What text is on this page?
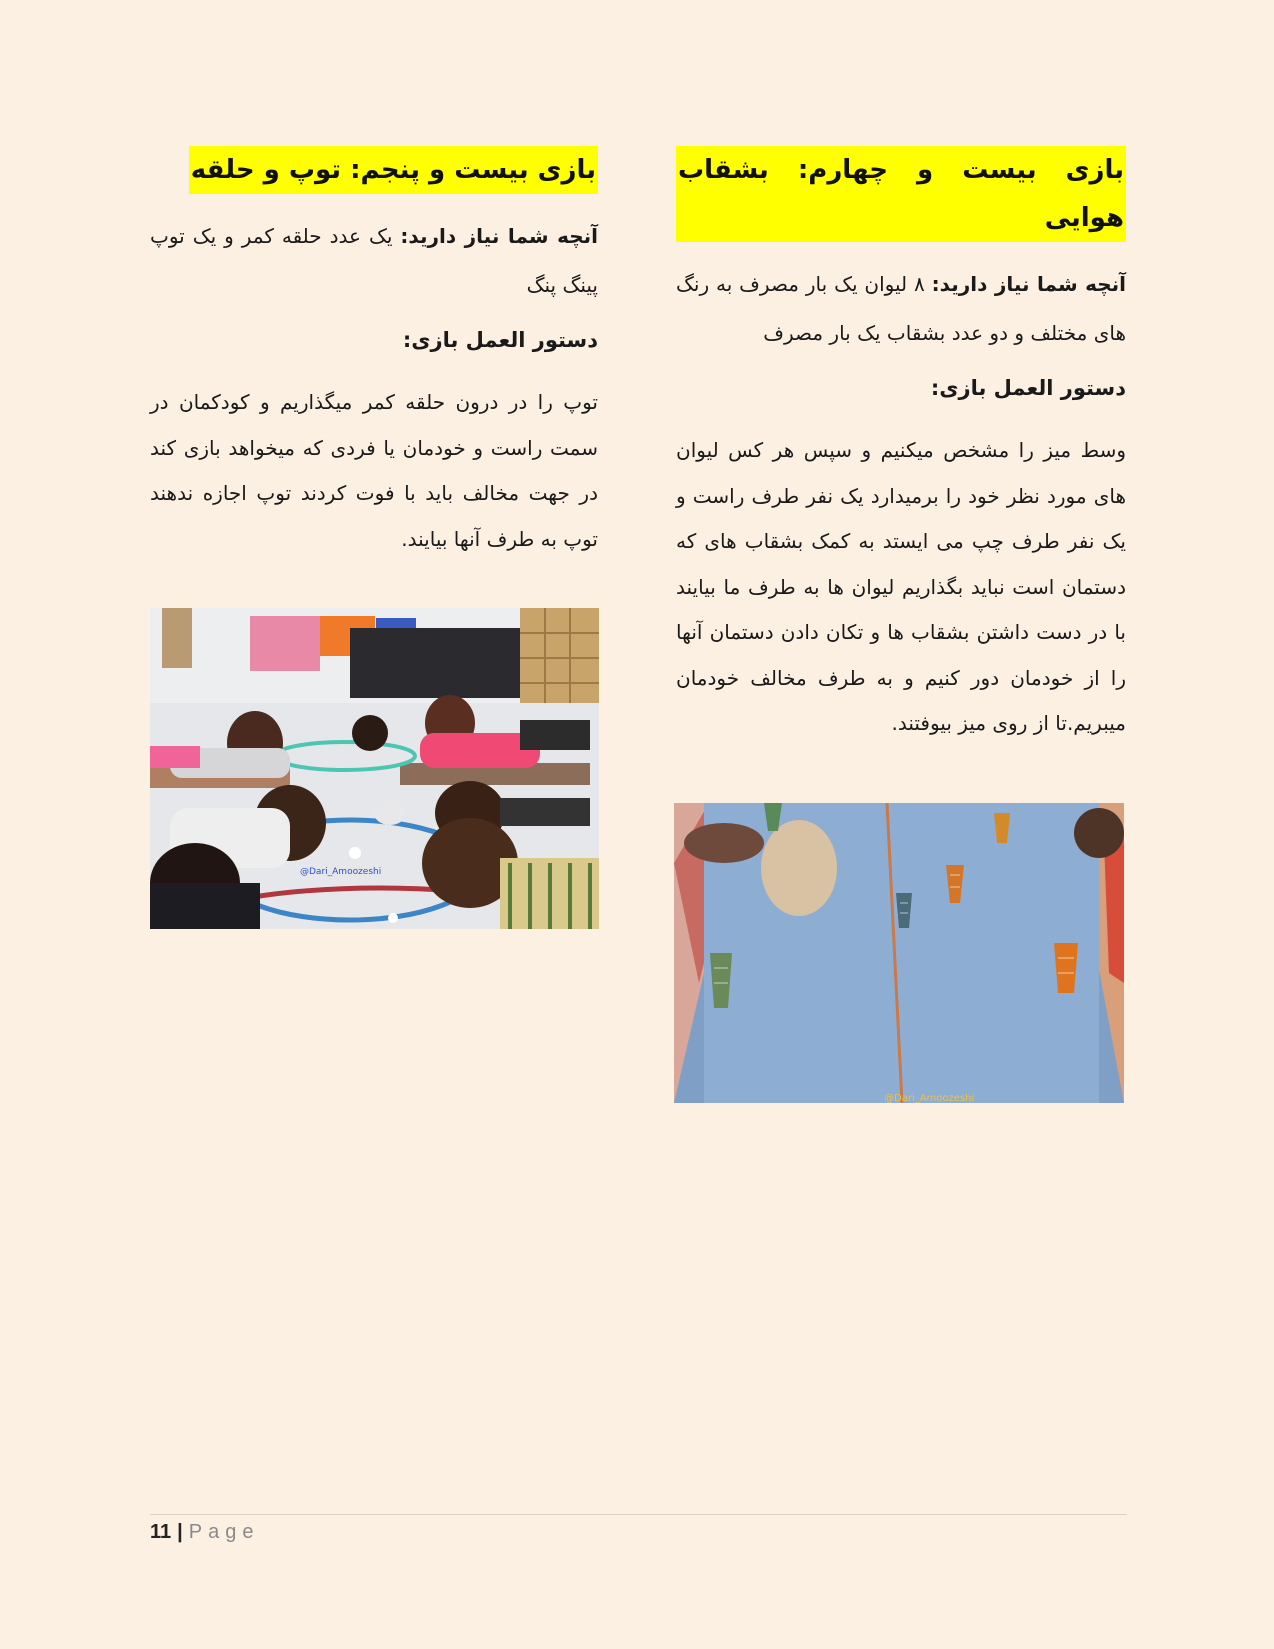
بازی بیست و چهارم: بشقاب هوایی

آنچه شما نیاز دارید: ۸ لیوان یک بار مصرف به رنگ های مختلف و دو عدد بشقاب یک بار مصرف

دستور العمل بازی:

وسط میز را مشخص میکنیم و سپس هر کس لیوان های مورد نظر خود را برمیدارد یک نفر طرف راست و یک نفر طرف چپ می ایستد به کمک بشقاب های که دستمان است نباید بگذاریم لیوان ها به طرف ما بیایند با در دست داشتن بشقاب ها و تکان دادن دستمان آنها را از خودمان دور کنیم و به طرف مخالف خودمان میبریم.تا از روی میز بیوفتند.

بازی بیست و پنجم: توپ و حلقه

آنچه شما نیاز دارید: یک عدد حلقه کمر و یک توپ پینگ پنگ

دستور العمل بازی:

توپ را در درون حلقه کمر میگذاریم و کودکمان در سمت راست و خودمان یا فردی که میخواهد بازی کند در جهت مخالف باید با فوت کردند توپ اجازه ندهند توپ به طرف آنها بیایند.

@Dari_Amoozeshi
@Dari_Amoozeshi
11 | Page
